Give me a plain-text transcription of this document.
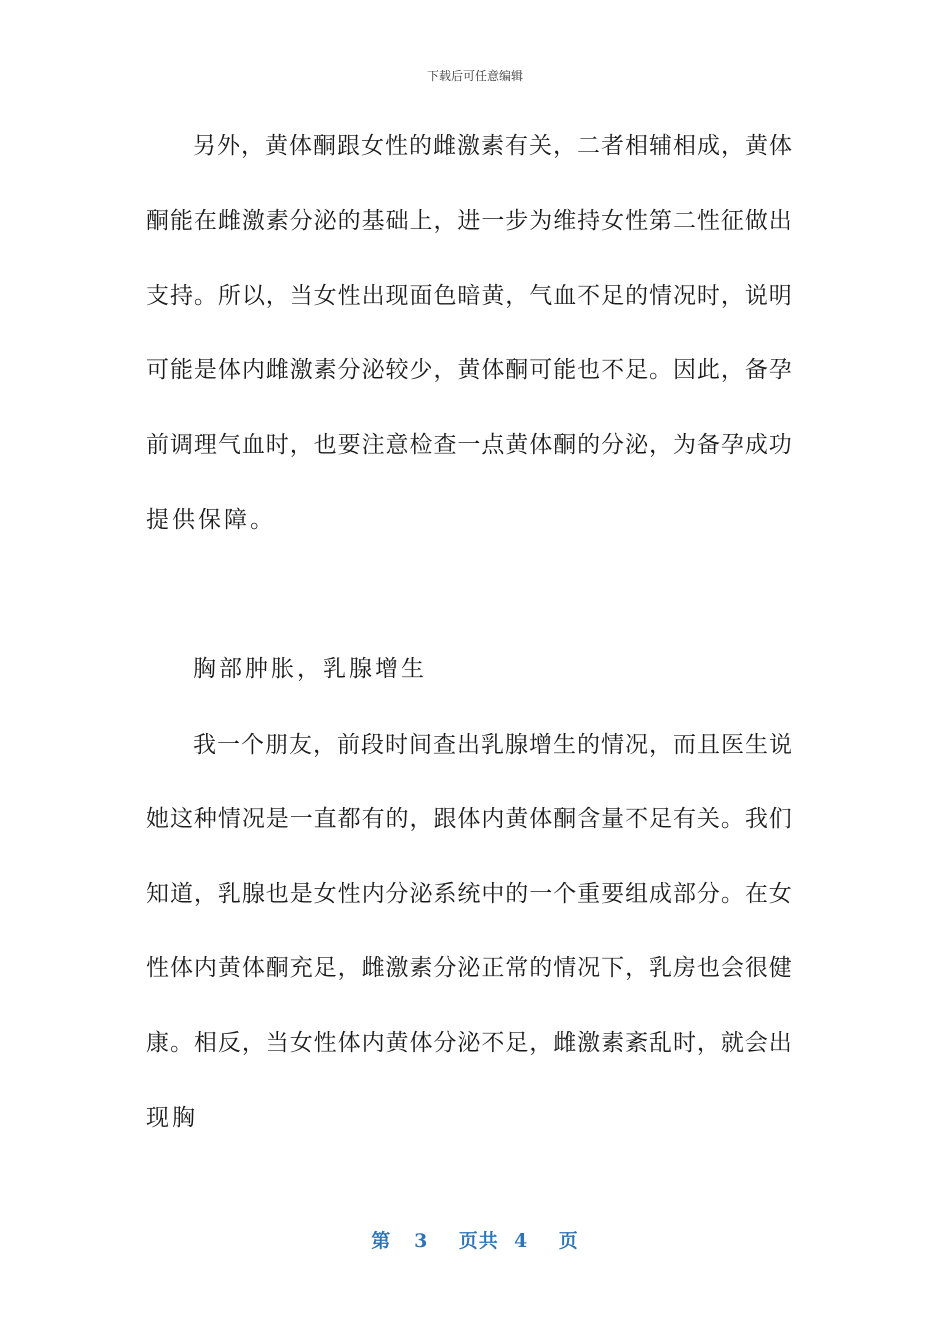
下载后可任意编辑
另 外 ， 黄 体 酮 跟 女 性 的 雌 激 素 有 关 ， 二 者 相 辅 相 成 ， 黄 体
酮 能 在 雌 激 素 分 泌 的 基 础 上 ， 进 一 步 为 维 持 女 性 第 二 性 征 做 出
支 持 。 所 以 ， 当 女 性 出 现 面 色 暗 黄 ， 气 血 不 足 的 情 况 时 ， 说 明
可 能 是 体 内 雌 激 素 分 泌 较 少 ， 黄 体 酮 可 能 也 不 足 。 因 此 ， 备 孕
前 调 理 气 血 时 ， 也 要 注 意 检 查 一 点 黄 体 酮 的 分 泌 ， 为 备 孕 成 功
提供保障。
胸部肿胀，乳腺增生
我 一 个 朋 友 ， 前 段 时 间 查 出 乳 腺 增 生 的 情 况 ， 而 且 医 生 说
她 这 种 情 况 是 一 直 都 有 的 ， 跟 体 内 黄 体 酮 含 量 不 足 有 关 。 我 们
知 道 ， 乳 腺 也 是 女 性 内 分 泌 系 统 中 的 一 个 重 要 组 成 部 分 。 在 女
性 体 内 黄 体 酮 充 足 ， 雌 激 素 分 泌 正 常 的 情 况 下 ， 乳 房 也 会 很 健
康 。 相 反 ， 当 女 性 体 内 黄 体 分 泌 不 足 ， 雌 激 素 紊 乱 时 ， 就 会 出
现胸
第 3 页共 4 页
